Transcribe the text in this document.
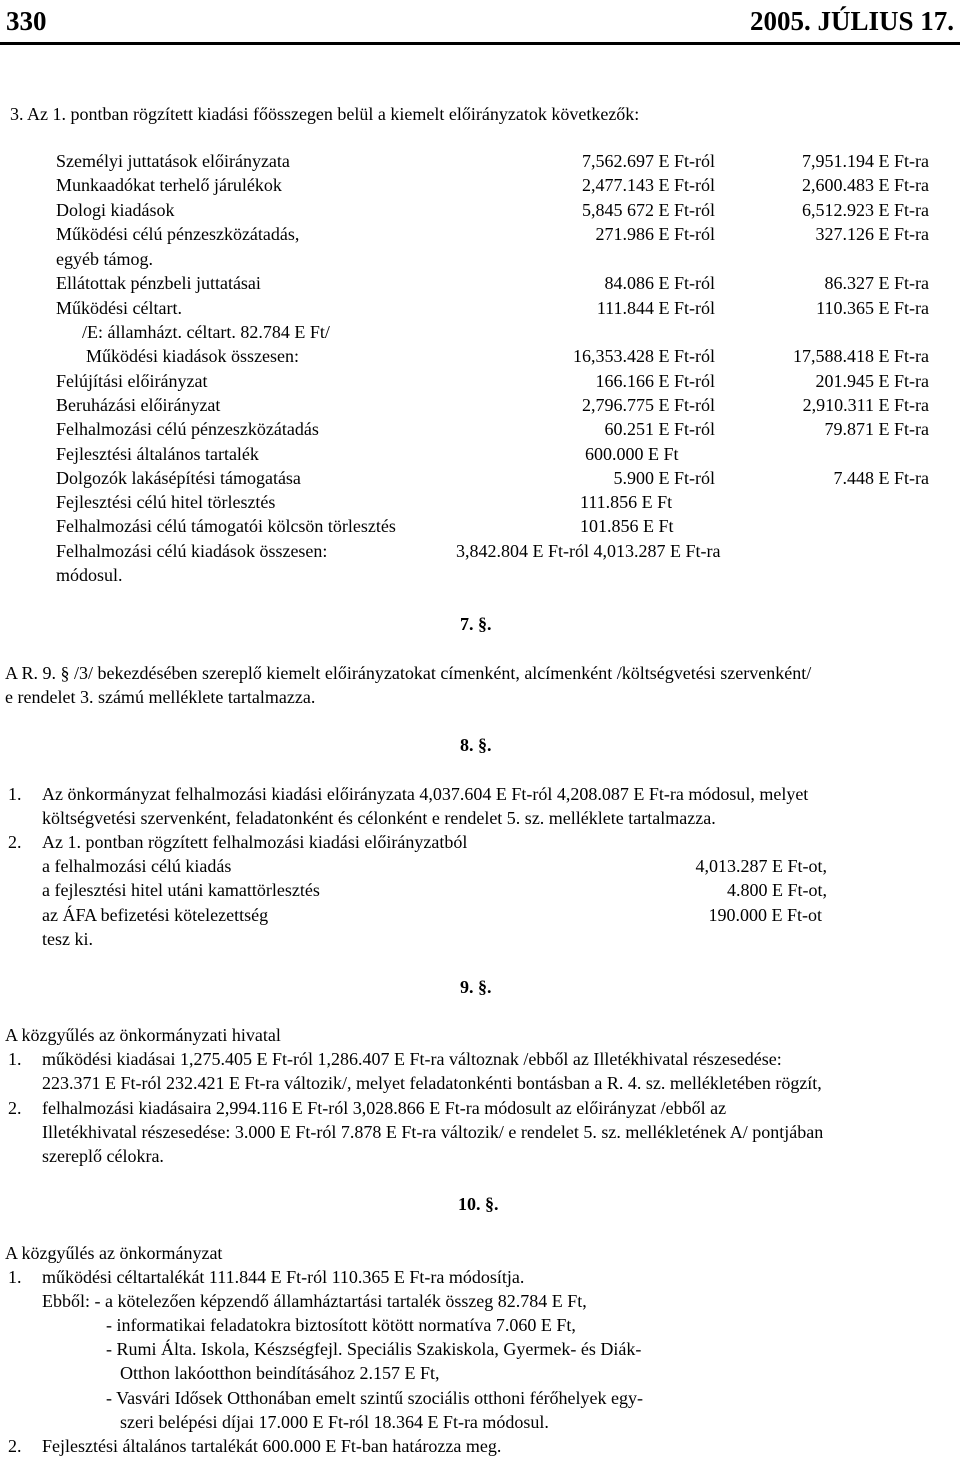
330	2005. JÚLIUS 17.
3. Az 1. pontban rögzített kiadási főösszegen belül a kiemelt előirányzatok következők:
Személyi juttatások előirányzata	7,562.697 E Ft-ról	7,951.194 E Ft-ra
Munkaadókat terhelő járulékok	2,477.143 E Ft-ról	2,600.483 E Ft-ra
Dologi kiadások	5,845 672 E Ft-ról	6,512.923 E Ft-ra
Működési célú pénzeszközátadás,	271.986 E Ft-ról	327.126 E Ft-ra
egyéb támog.
Ellátottak pénzbeli juttatásai	84.086 E Ft-ról	86.327 E Ft-ra
Működési céltart.	111.844 E Ft-ról	110.365 E Ft-ra
/E: államházt. céltart. 82.784 E Ft/
Működési kiadások összesen:	16,353.428 E Ft-ról	17,588.418 E Ft-ra
Felújítási előirányzat	166.166 E Ft-ról	201.945 E Ft-ra
Beruházási előirányzat	2,796.775 E Ft-ról	2,910.311 E Ft-ra
Felhalmozási célú pénzeszközátadás	60.251 E Ft-ról	79.871 E Ft-ra
Fejlesztési általános tartalék	600.000 E Ft
Dolgozók lakásépítési támogatása	5.900 E Ft-ról	7.448 E Ft-ra
Fejlesztési célú hitel törlesztés	111.856 E Ft
Felhalmozási célú támogatói kölcsön törlesztés	101.856 E Ft
Felhalmozási célú kiadások összesen:	3,842.804 E Ft-ról 4,013.287 E Ft-ra
módosul.
7. §.
A R. 9. § /3/ bekezdésében szereplő kiemelt előirányzatokat címenként, alcímenként /költségvetési szervenként/
e rendelet 3. számú melléklete tartalmazza.
8. §.
1. Az önkormányzat felhalmozási kiadási előirányzata 4,037.604 E Ft-ról 4,208.087 E Ft-ra módosul, melyet
költségvetési szervenként, feladatonként és célonként e rendelet 5. sz. melléklete tartalmazza.
2. Az 1. pontban rögzített felhalmozási kiadási előirányzatból
a felhalmozási célú kiadás	4,013.287 E Ft-ot,
a fejlesztési hitel utáni kamattörlesztés	4.800 E Ft-ot,
az ÁFA befizetési kötelezettség	190.000 E Ft-ot
tesz ki.
9. §.
A közgyűlés az önkormányzati hivatal
1. működési kiadásai 1,275.405 E Ft-ról 1,286.407 E Ft-ra változnak /ebből az Illetékhivatal részesedése:
223.371 E Ft-ról 232.421 E Ft-ra változik/, melyet feladatonkénti bontásban a R. 4. sz. mellékletében rögzít,
2. felhalmozási kiadásaira 2,994.116 E Ft-ról 3,028.866 E Ft-ra módosult az előirányzat /ebből az
Illetékhivatal részesedése: 3.000 E Ft-ról 7.878 E Ft-ra változik/ e rendelet 5. sz. mellékletének A/ pontjában
szereplő célokra.
10. §.
A közgyűlés az önkormányzat
1. működési céltartalékát 111.844 E Ft-ról 110.365 E Ft-ra módosítja.
Ebből: - a kötelezően képzendő államháztartási tartalék összeg 82.784 E Ft,
- informatikai feladatokra biztosított kötött normatíva 7.060 E Ft,
- Rumi Álta. Iskola, Készségfejl. Speciális Szakiskola, Gyermek- és Diák-
Otthon lakóotthon beindításához 2.157 E Ft,
- Vasvári Idősek Otthonában emelt szintű szociális otthoni férőhelyek egy-
szeri belépési díjai 17.000 E Ft-ról 18.364 E Ft-ra módosul.
2. Fejlesztési általános tartalékát 600.000 E Ft-ban határozza meg.
